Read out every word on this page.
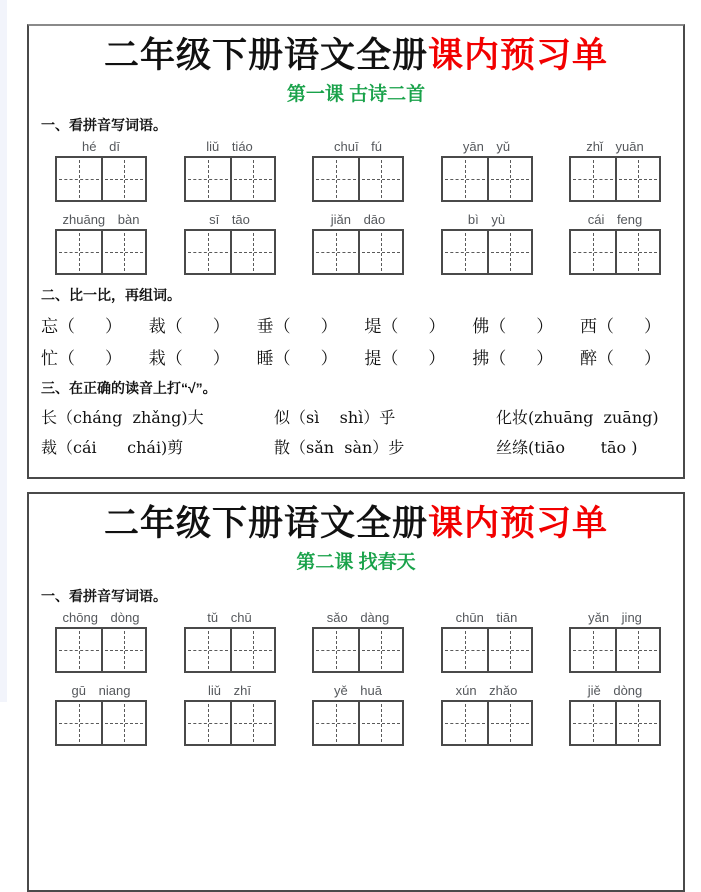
二年级下册语文全册课内预习单
第一课 古诗二首
一、看拼音写词语。
hé dī	liǔ tiáo	chuī fú	yān yǔ	zhǐ yuān
zhuāng bàn	sī tāo	jiǎn dāo	bì yù	cái feng
二、比一比，再组词。
忘 （ ） 裁 （ ） 垂 （ ） 堤 （ ） 佛 （ ） 西 （ ）
忙 （ ） 栽 （ ） 睡 （ ） 提 （ ） 拂 （ ） 醉 （ ）
三、在正确的读音上打“√”。
长（cháng  zhǎng)大	似（sì    shì）乎	化妆(zhuāng  zuāng)
裁（cái      chái)剪	散（sǎn  sàn）步	丝绦(tiāo       tāo )
二年级下册语文全册课内预习单
第二课 找春天
一、看拼音写词语。
chōng dòng	tǔ chū	sǎo dàng	chūn tiān	yǎn jing
gū niang	liǔ zhī	yě huā	xún zhǎo	jiě dòng
